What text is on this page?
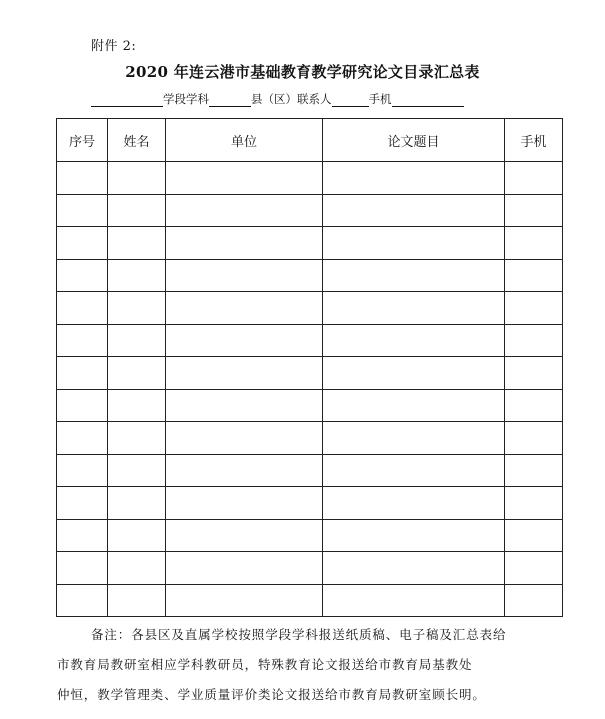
附件 2:
2020 年连云港市基础教育教学研究论文目录汇总表
学段学科	县（区）联系人	手机
序号	姓名	单位	论文题目	手机

备注：各县区及直属学校按照学段学科报送纸质稿、电子稿及汇总表给
市教育局教研室相应学科教研员，特殊教育论文报送给市教育局基教处
仲恒，教学管理类、学业质量评价类论文报送给市教育局教研室顾长明。
